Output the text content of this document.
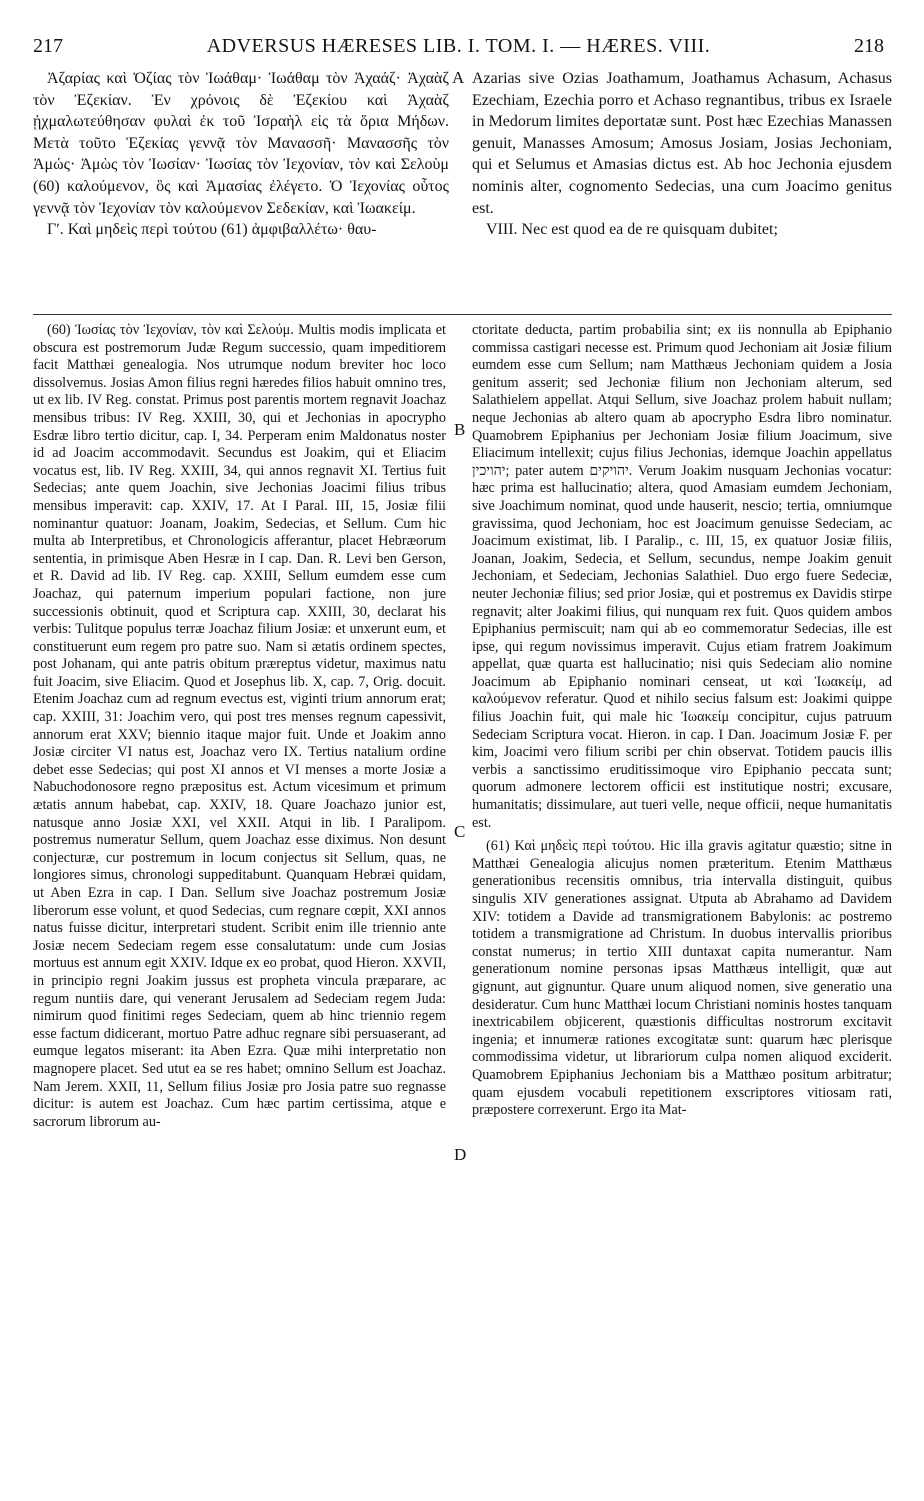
217	ADVERSUS HÆRESES LIB. I. TOM. I. — HÆRES. VIII.	218

Ἀζαρίας καὶ Ὀζίας τὸν Ἰωάθαμ· Ἰωάθαμ τὸν Ἀχαάζ· Ἀχαὰζ τὸν Ἐζεκίαν. Ἐν χρόνοις δὲ Ἐζεκίου καὶ Ἀχαὰζ ᾐχμαλωτεύθησαν φυλαὶ ἐκ τοῦ Ἰσραὴλ εἰς τὰ ὅρια Μήδων. Μετὰ τοῦτο Ἐζεκίας γεννᾷ τὸν Μανασσῆ· Μανασσῆς τὸν Ἀμώς· Ἀμὼς τὸν Ἰωσίαν· Ἰωσίας τὸν Ἰεχονίαν, τὸν καὶ Σελοὺμ (60) καλούμενον, ὃς καὶ Ἀμασίας ἐλέγετο. Ὁ Ἰεχονίας οὗτος γεννᾷ τὸν Ἰεχονίαν τὸν καλούμενον Σεδεκίαν, καὶ Ἰωακείμ.

Γʹ. Καὶ μηδεὶς περὶ τούτου (61) ἀμφιβαλλέτω· θαυ-

Azarias sive Ozias Joathamum, Joathamus Achasum, Achasus Ezechiam, Ezechia porro et Achaso regnantibus, tribus ex Israele in Medorum limites deportatæ sunt. Post hæc Ezechias Manassen genuit, Manasses Amosum; Amosus Josiam, Josias Jechoniam, qui et Selumus et Amasias dictus est. Ab hoc Jechonia ejusdem nominis alter, cognomento Sedecias, una cum Joacimo genitus est.

VIII. Nec est quod ea de re quisquam dubitet;

(60) Ἰωσίας τὸν Ἰεχονίαν, τὸν καὶ Σελούμ. Multis modis implicata et obscura est postremorum Judæ Regum successio, quam impeditiorem facit Matthæi genealogia. Nos utrumque nodum breviter hoc loco dissolvemus. Josias Amon filius regni hæredes filios habuit omnino tres, ut ex lib. IV Reg. constat. Primus post parentis mortem regnavit Joachaz mensibus tribus: IV Reg. XXIII, 30, qui et Jechonias in apocrypho Esdræ libro tertio dicitur, cap. I, 34. Perperam enim Maldonatus noster id ad Joacim accommodavit. Secundus est Joakim, qui et Eliacim vocatus est, lib. IV Reg. XXIII, 34, qui annos regnavit XI. Tertius fuit Sedecias; ante quem Joachin, sive Jechonias Joacimi filius tribus mensibus imperavit: cap. XXIV, 17. At I Paral. III, 15, Josiæ filii nominantur quatuor: Joanam, Joakim, Sedecias, et Sellum. Cum hic multa ab Interpretibus, et Chronologicis afferantur, placet Hebræorum sententia, in primisque Aben Hesræ in I cap. Dan. R. Levi ben Gerson, et R. David ad lib. IV Reg. cap. XXIII, Sellum eumdem esse cum Joachaz, qui paternum imperium populari factione, non jure successionis obtinuit, quod et Scriptura cap. XXIII, 30, declarat his verbis: Tulitque populus terræ Joachaz filium Josiæ: et unxerunt eum, et constituerunt eum regem pro patre suo. Nam si ætatis ordinem spectes, post Johanam, qui ante patris obitum præreptus videtur, maximus natu fuit Joacim, sive Eliacim. Quod et Josephus lib. X, cap. 7, Orig. docuit. Etenim Joachaz cum ad regnum evectus est, viginti trium annorum erat; cap. XXIII, 31: Joachim vero, qui post tres menses regnum capessivit, annorum erat XXV; biennio itaque major fuit. Unde et Joakim anno Josiæ circiter VI natus est, Joachaz vero IX. Tertius natalium ordine debet esse Sedecias; qui post XI annos et VI menses a morte Josiæ a Nabuchodonosore regno præpositus est. Actum vicesimum et primum ætatis annum habebat, cap. XXIV, 18. Quare Joachazo junior est, natusque anno Josiæ XXI, vel XXII. Atqui in lib. I Paralipom. postremus numeratur Sellum, quem Joachaz esse diximus. Non desunt conjecturæ, cur postremum in locum conjectus sit Sellum, quas, ne longiores simus, chronologi suppeditabunt. Quanquam Hebræi quidam, ut Aben Ezra in cap. I Dan. Sellum sive Joachaz postremum Josiæ liberorum esse volunt, et quod Sedecias, cum regnare cœpit, XXI annos natus fuisse dicitur, interpretari student. Scribit enim ille triennio ante Josiæ necem Sedeciam regem esse consalutatum: unde cum Josias mortuus est annum egit XXIV. Idque ex eo probat, quod Hieron. XXVII, in principio regni Joakim jussus est propheta vincula præparare, ac regum nuntiis dare, qui venerant Jerusalem ad Sedeciam regem Juda: nimirum quod finitimi reges Sedeciam, quem ab hinc triennio regem esse factum didicerant, mortuo Patre adhuc regnare sibi persuaserant, ad eumque legatos miserant: ita Aben Ezra. Quæ mihi interpretatio non magnopere placet. Sed utut ea se res habet; omnino Sellum est Joachaz. Nam Jerem. XXII, 11, Sellum filius Josiæ pro Josia patre suo regnasse dicitur: is autem est Joachaz. Cum hæc partim certissima, atque e sacrorum librorum au-

ctoritate deducta, partim probabilia sint; ex iis nonnulla ab Epiphanio commissa castigari necesse est. Primum quod Jechoniam ait Josiæ filium eumdem esse cum Sellum; nam Matthæus Jechoniam quidem a Josia genitum asserit; sed Jechoniæ filium non Jechoniam alterum, sed Salathielem appellat. Atqui Sellum, sive Joachaz prolem habuit nullam; neque Jechonias ab altero quam ab apocrypho Esdra libro nominatur. Quamobrem Epiphanius per Jechoniam Josiæ filium Joacimum, sive Eliacimum intellexit; cujus filius Jechonias, idemque Joachin appellatus יהויכין; pater autem יהויקים. Verum Joakim nusquam Jechonias vocatur: hæc prima est hallucinatio; altera, quod Amasiam eumdem Jechoniam, sive Joachimum nominat, quod unde hauserit, nescio; tertia, omniumque gravissima, quod Jechoniam, hoc est Joacimum genuisse Sedeciam, ac Joacimum existimat, lib. I Paralip., c. III, 15, ex quatuor Josiæ filiis, Joanan, Joakim, Sedecia, et Sellum, secundus, nempe Joakim genuit Jechoniam, et Sedeciam, Jechonias Salathiel. Duo ergo fuere Sedeciæ, neuter Jechoniæ filius; sed prior Josiæ, qui et postremus ex Davidis stirpe regnavit; alter Joakimi filius, qui nunquam rex fuit. Quos quidem ambos Epiphanius permiscuit; nam qui ab eo commemoratur Sedecias, ille est ipse, qui regum novissimus imperavit. Cujus etiam fratrem Joakimum appellat, quæ quarta est hallucinatio; nisi quis Sedeciam alio nomine Joacimum ab Epiphanio nominari censeat, ut καὶ Ἰωακείμ, ad καλούμενον referatur. Quod et nihilo secius falsum est: Joakimi quippe filius Joachin fuit, qui male hic Ἰωακείμ concipitur, cujus patruum Sedeciam Scriptura vocat. Hieron. in cap. I Dan. Joacimum Josiæ F. per kim, Joacimi vero filium scribi per chin observat. Totidem paucis illis verbis a sanctissimo eruditissimoque viro Epiphanio peccata sunt; quorum admonere lectorem officii est institutique nostri; excusare, humanitatis; dissimulare, aut tueri velle, neque officii, neque humanitatis est.

(61) Καὶ μηδεὶς περὶ τούτου. Hic illa gravis agitatur quæstio; sitne in Matthæi Genealogia alicujus nomen præteritum. Etenim Matthæus generationibus recensitis omnibus, tria intervalla distinguit, quibus singulis XIV generationes assignat. Utputa ab Abrahamo ad Davidem XIV: totidem a Davide ad transmigrationem Babylonis: ac postremo totidem a transmigratione ad Christum. In duobus intervallis prioribus constat numerus; in tertio XIII duntaxat capita numerantur. Nam generationum nomine personas ipsas Matthæus intelligit, quæ aut gignunt, aut gignuntur. Quare unum aliquod nomen, sive generatio una desideratur. Cum hunc Matthæi locum Christiani nominis hostes tanquam inextricabilem objicerent, quæstionis difficultas nostrorum excitavit ingenia; et innumeræ rationes excogitatæ sunt: quarum hæc plerisque commodissima videtur, ut librariorum culpa nomen aliquod exciderit. Quamobrem Epiphanius Jechoniam bis a Matthæo positum arbitratur; quam ejusdem vocabuli repetitionem exscriptores vitiosam rati, præpostere correxerunt. Ergo ita Mat-

A
B
C
D
